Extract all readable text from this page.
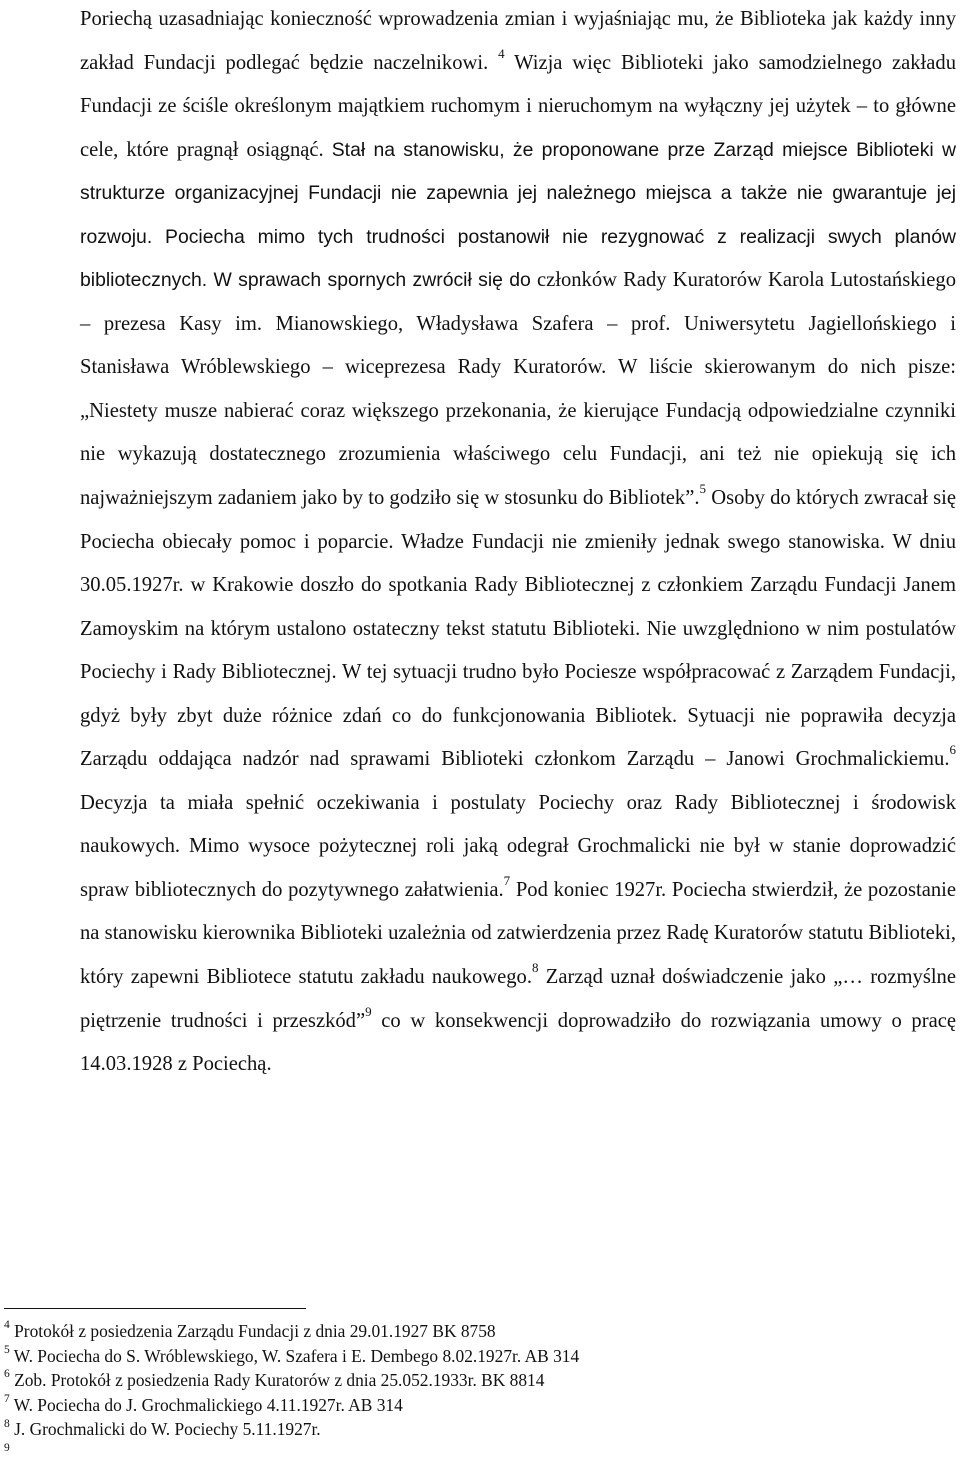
Poriechą uzasadniając konieczność wprowadzenia zmian i wyjaśniając mu, że Biblioteka jak każdy inny zakład Fundacji podlegać będzie naczelnikowi. $^4$ Wizja więc Biblioteki jako samodzielnego zakładu Fundacji ze ściśle określonym majątkiem ruchomym i nieruchomym na wyłączny jej użytek – to główne cele, które pragnął osiągnąć. Stał na stanowisku, że proponowane prze Zarząd miejsce Biblioteki w strukturze organizacyjnej Fundacji nie zapewnia jej należnego miejsca a także nie gwarantuje jej rozwoju. Pociecha mimo tych trudności postanowił nie rezygnować z realizacji swych planów bibliotecznych. W sprawach spornych zwrócił się do członków Rady Kuratorów Karola Lutostańskiego – prezesa Kasy im. Mianowskiego, Władysława Szafera – prof. Uniwersytetu Jagiellońskiego i Stanisława Wróblewskiego – wiceprezesa Rady Kuratorów. W liście skierowanym do nich pisze: „Niestety musze nabierać coraz większego przekonania, że kierujące Fundacją odpowiedzialne czynniki nie wykazują dostatecznego zrozumienia właściwego celu Fundacji, ani też nie opiekują się ich najważniejszym zadaniem jako by to godziło się w stosunku do Bibliotek”.$^5$ Osoby do których zwracał się Pociecha obiecały pomoc i poparcie. Władze Fundacji nie zmieniły jednak swego stanowiska. W dniu 30.05.1927r. w Krakowie doszło do spotkania Rady Bibliotecznej z członkiem Zarządu Fundacji Janem Zamoyskim na którym ustalono ostateczny tekst statutu Biblioteki. Nie uwzględniono w nim postulatów Pociechy i Rady Bibliotecznej. W tej sytuacji trudno było Pociesze współpracować z Zarządem Fundacji, gdyż były zbyt duże różnice zdań co do funkcjonowania Bibliotek. Sytuacji nie poprawiła decyzja Zarządu oddająca nadzór nad sprawami Biblioteki członkom Zarządu – Janowi Grochmalickiemu.$^6$ Decyzja ta miała spełnić oczekiwania i postulaty Pociechy oraz Rady Bibliotecznej i środowisk naukowych. Mimo wysoce pożytecznej roli jaką odegrał Grochmalicki nie był w stanie doprowadzić spraw bibliotecznych do pozytywnego załatwienia.$^7$ Pod koniec 1927r. Pociecha stwierdził, że pozostanie na stanowisku kierownika Biblioteki uzależnia od zatwierdzenia przez Radę Kuratorów statutu Biblioteki, który zapewni Bibliotece statutu zakładu naukowego.$^8$ Zarząd uznał doświadczenie jako „… rozmyślne piętrzenie trudności i przeszkód”$^9$ co w konsekwencji doprowadziło do rozwiązania umowy o pracę 14.03.1928 z Pociechą.

$^4$ Protokół z posiedzenia Zarządu Fundacji z dnia 29.01.1927 BK 8758
$^5$ W. Pociecha do S. Wróblewskiego, W. Szafera i E. Dembego 8.02.1927r. AB 314
$^6$ Zob. Protokół z posiedzenia Rady Kuratorów z dnia 25.052.1933r. BK 8814
$^7$ W. Pociecha do J. Grochmalickiego 4.11.1927r. AB 314
$^8$ J. Grochmalicki do W. Pociechy 5.11.1927r.
$^9$
